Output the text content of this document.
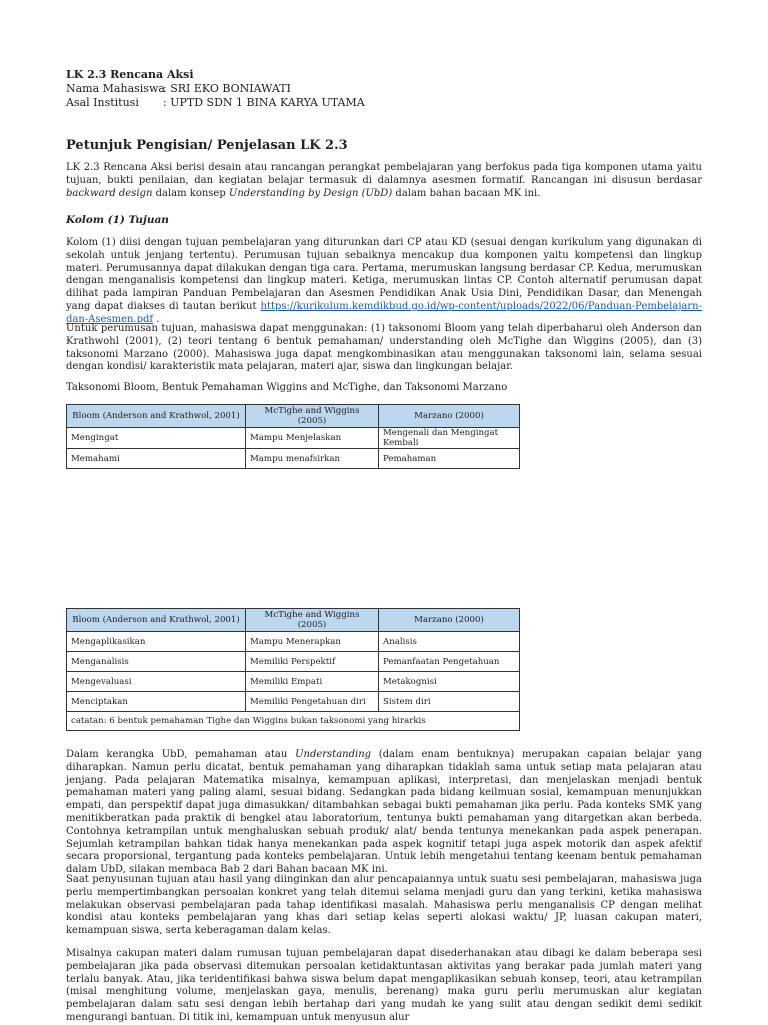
LK 2.3 Rencana Aksi
Nama Mahasiswa: SRI EKO BONIAWATI
Asal Institusi : UPTD SDN 1 BINA KARYA UTAMA
Petunjuk Pengisian/ Penjelasan LK 2.3
LK 2.3 Rencana Aksi berisi desain atau rancangan perangkat pembelajaran yang berfokus pada tiga komponen utama yaitu tujuan, bukti penilaian, dan kegiatan belajar termasuk di dalamnya asesmen formatif. Rancangan ini disusun berdasar backward design dalam konsep Understanding by Design (UbD) dalam bahan bacaan MK ini.
Kolom (1) Tujuan
Kolom (1) diisi dengan tujuan pembelajaran yang diturunkan dari CP atau KD (sesuai dengan kurikulum yang digunakan di sekolah untuk jenjang tertentu). Perumusan tujuan sebaiknya mencakup dua komponen yaitu kompetensi dan lingkup materi. Perumusannya dapat dilakukan dengan tiga cara. Pertama, merumuskan langsung berdasar CP. Kedua, merumuskan dengan menganalisis kompetensi dan lingkup materi. Ketiga, merumuskan lintas CP. Contoh alternatif perumusan dapat dilihat pada lampiran Panduan Pembelajaran dan Asesmen Pendidikan Anak Usia Dini, Pendidikan Dasar, dan Menengah yang dapat diakses di tautan berikut https://kurikulum.kemdikbud.go.id/wp-content/uploads/2022/06/Panduan-Pembelajarn-dan-Asesmen.pdf .
Untuk perumusan tujuan, mahasiswa dapat menggunakan: (1) taksonomi Bloom yang telah diperbaharui oleh Anderson dan Krathwohl (2001), (2) teori tentang 6 bentuk pemahaman/ understanding oleh McTighe dan Wiggins (2005), dan (3) taksonomi Marzano (2000). Mahasiswa juga dapat mengkombinasikan atau menggunakan taksonomi lain, selama sesuai dengan kondisi/ karakteristik mata pelajaran, materi ajar, siswa dan lingkungan belajar.
Taksonomi Bloom, Bentuk Pemahaman Wiggins and McTighe, dan Taksonomi Marzano
Bloom (Anderson and Krathwol, 2001)	McTighe and Wiggins (2005)	Marzano (2000)
Mengingat	Mampu Menjelaskan	Mengenali dan Mengingat Kembali
Memahami	Mampu menafsirkan	Pemahaman
Bloom (Anderson and Krathwol, 2001)	McTighe and Wiggins (2005)	Marzano (2000)
Mengaplikasikan	Mampu Menerapkan	Analisis
Menganalisis	Memiliki Perspektif	Pemanfaatan Pengetahuan
Mengevaluasi	Memiliki Empati	Metakognisi
Menciptakan	Memiliki Pengetahuan diri	Sistem diri
catatan: 6 bentuk pemahaman Tighe dan Wiggins bukan taksonomi yang hirarkis		
Dalam kerangka UbD, pemahaman atau Understanding (dalam enam bentuknya) merupakan capaian belajar yang diharapkan. Namun perlu dicatat, bentuk pemahaman yang diharapkan tidaklah sama untuk setiap mata pelajaran atau jenjang. Pada pelajaran Matematika misalnya, kemampuan aplikasi, interpretasi, dan menjelaskan menjadi bentuk pemahaman materi yang paling alami, sesuai bidang. Sedangkan pada bidang keilmuan sosial, kemampuan menunjukkan empati, dan perspektif dapat juga dimasukkan/ ditambahkan sebagai bukti pemahaman jika perlu. Pada konteks SMK yang menitikberatkan pada praktik di bengkel atau laboratorium, tentunya bukti pemahaman yang ditargetkan akan berbeda. Contohnya ketrampilan untuk menghaluskan sebuah produk/ alat/ benda tentunya menekankan pada aspek penerapan. Sejumlah ketrampilan bahkan tidak hanya menekankan pada aspek kognitif tetapi juga aspek motorik dan aspek afektif secara proporsional, tergantung pada konteks pembelajaran. Untuk lebih mengetahui tentang keenam bentuk pemahaman dalam UbD, silakan membaca Bab 2 dari Bahan bacaan MK ini.
Saat penyusunan tujuan atau hasil yang diinginkan dan alur pencapaiannya untuk suatu sesi pembelajaran, mahasiswa juga perlu mempertimbangkan persoalan konkret yang telah ditemui selama menjadi guru dan yang terkini, ketika mahasiswa melakukan observasi pembelajaran pada tahap identifikasi masalah. Mahasiswa perlu menganalisis CP dengan melihat kondisi atau konteks pembelajaran yang khas dari setiap kelas seperti alokasi waktu/ JP, luasan cakupan materi, kemampuan siswa, serta keberagaman dalam kelas.
Misalnya cakupan materi dalam rumusan tujuan pembelajaran dapat disederhanakan atau dibagi ke dalam beberapa sesi pembelajaran jika pada observasi ditemukan persoalan ketidaktuntasan aktivitas yang berakar pada jumlah materi yang terlalu banyak. Atau, jika teridentifikasi bahwa siswa belum dapat mengaplikasikan sebuah konsep, teori, atau ketrampilan (misal menghitung volume, menjelaskan gaya, menulis, berenang) maka guru perlu merumuskan alur kegiatan pembelajaran dalam satu sesi dengan lebih bertahap dari yang mudah ke yang sulit atau dengan sedikit demi sedikit mengurangi bantuan. Di titik ini, kemampuan untuk menyusun alur
